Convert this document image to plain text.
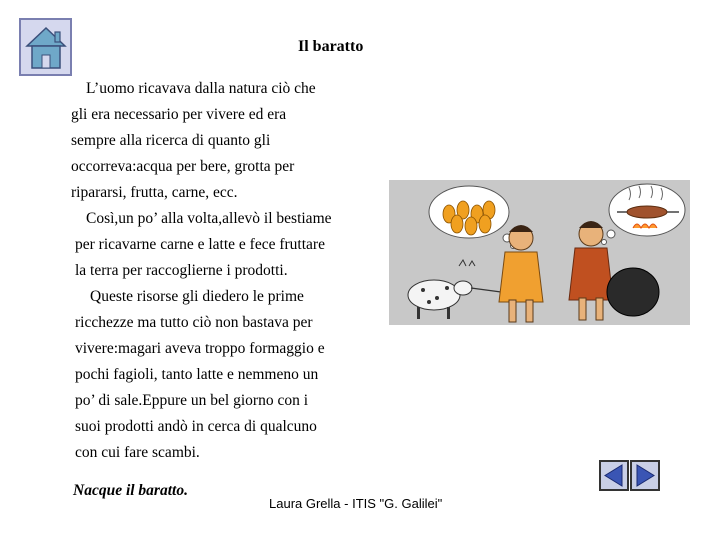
Il baratto
L’uomo ricavava dalla natura ciò che
gli era necessario per vivere ed era
sempre alla ricerca di quanto gli
occorreva:acqua per bere, grotta per
ripararsi, frutta, carne, ecc.
Così,un po’ alla volta,allevò il bestiame
per ricavarne carne e latte e fece fruttare
la terra per raccoglierne i prodotti.
Queste risorse gli diedero le prime
ricchezze ma tutto ciò non bastava per
vivere:magari aveva troppo formaggio e
pochi fagioli, tanto latte e nemmeno un
po’ di sale.Eppure un bel giorno con i
suoi prodotti andò in cerca di qualcuno
con cui fare scambi.
Nacque il baratto.
Laura Grella - ITIS "G. Galilei"
